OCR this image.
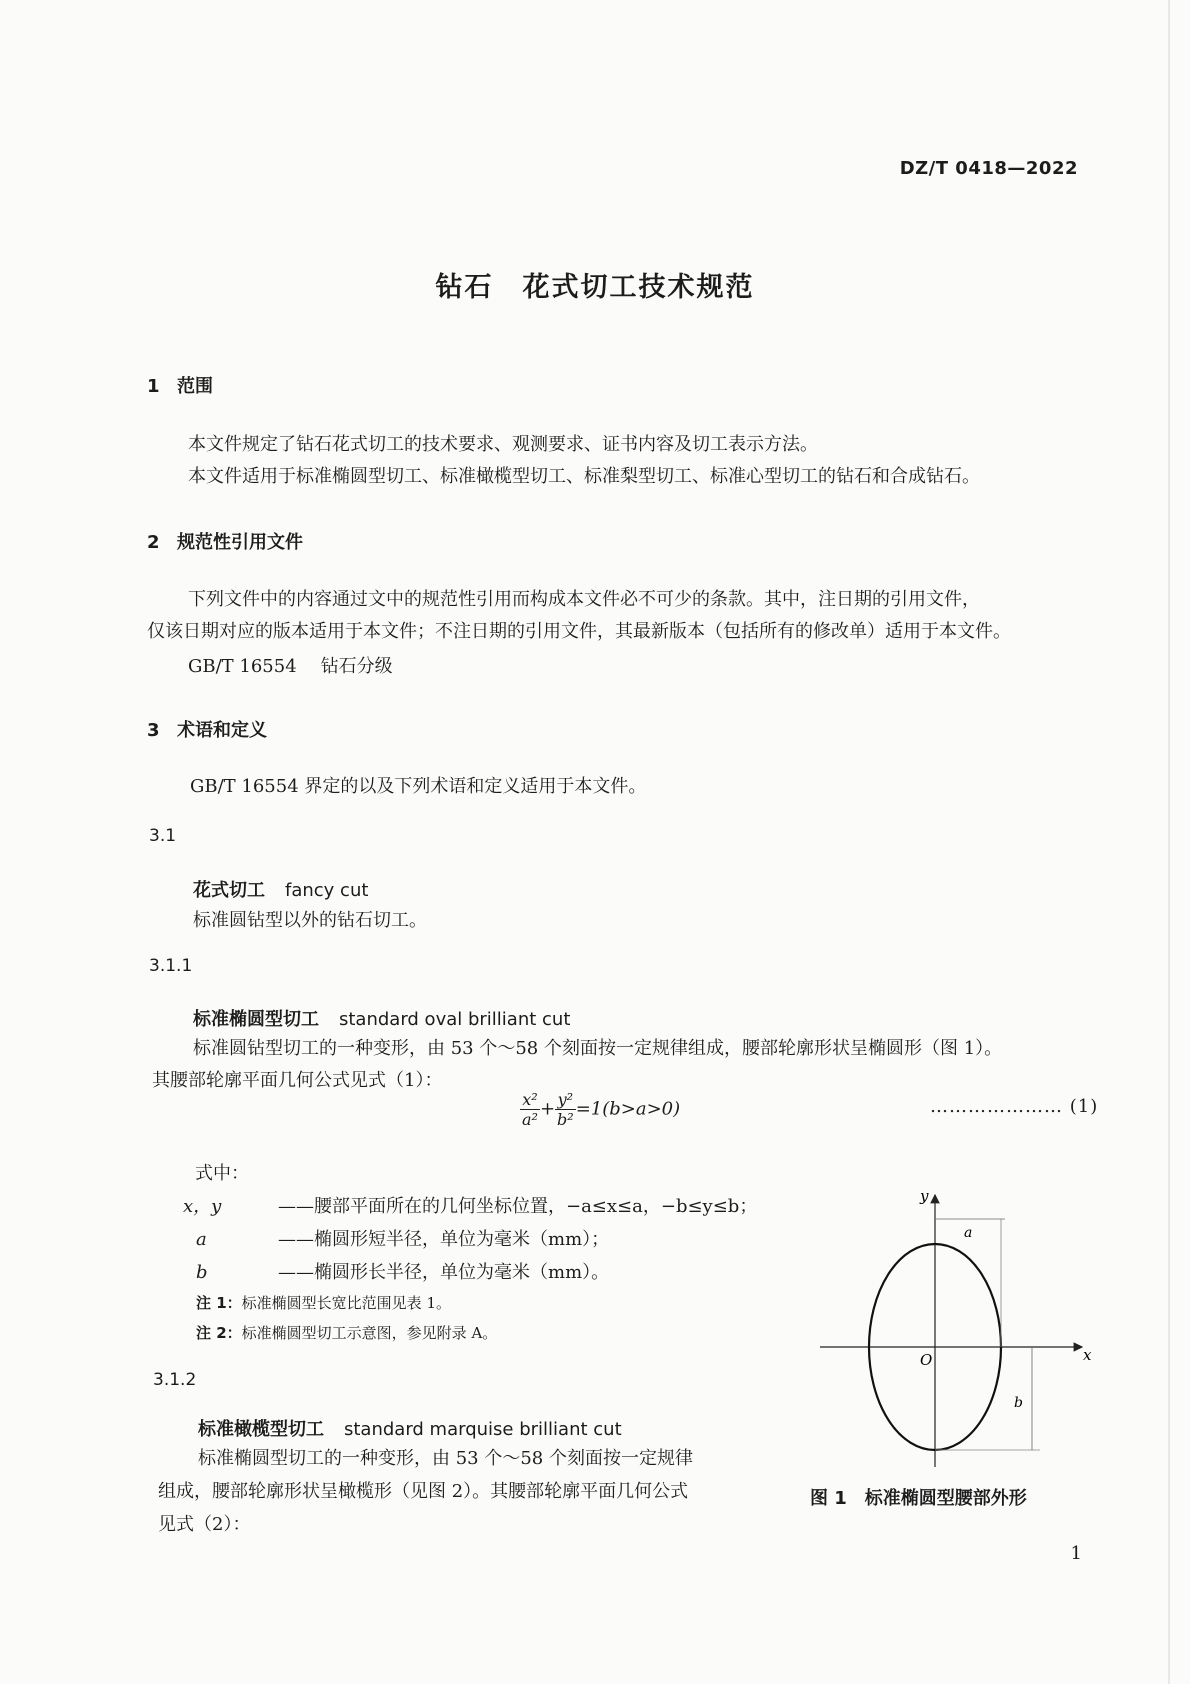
DZ/T 0418—2022
钻石　花式切工技术规范
1 范围
本文件规定了钻石花式切工的技术要求、观测要求、证书内容及切工表示方法。
本文件适用于标准椭圆型切工、标准橄榄型切工、标准梨型切工、标准心型切工的钻石和合成钻石。
2 规范性引用文件
下列文件中的内容通过文中的规范性引用而构成本文件必不可少的条款。其中，注日期的引用文件，
仅该日期对应的版本适用于本文件；不注日期的引用文件，其最新版本（包括所有的修改单）适用于本文件。
GB/T 16554 钻石分级
3 术语和定义
GB/T 16554 界定的以及下列术语和定义适用于本文件。
3.1
花式切工 fancy cut
标准圆钻型以外的钻石切工。
3.1.1
标准椭圆型切工 standard oval brilliant cut
标准圆钻型切工的一种变形，由 53 个～58 个刻面按一定规律组成，腰部轮廓形状呈椭圆形（图 1）。
其腰部轮廓平面几何公式见式（1）：
$\frac{\text{x²}}{\text{a²}} + \frac{\text{y²}}{\text{b²}} =1(b>a>0)$	………………… (1)
式中：
x，y	——腰部平面所在的几何坐标位置，−a≤x≤a，−b≤y≤b；
a	——椭圆形短半径，单位为毫米（mm）；
b	——椭圆形长半径，单位为毫米（mm）。
注 1：标准椭圆型长宽比范围见表 1。
注 2：标准椭圆型切工示意图，参见附录 A。
3.1.2
标准橄榄型切工 standard marquise brilliant cut
标准椭圆型切工的一种变形，由 53 个～58 个刻面按一定规律
组成，腰部轮廓形状呈橄榄形（见图 2）。其腰部轮廓平面几何公式
见式（2）：
y
x
O
a
b
图 1　标准椭圆型腰部外形
1
